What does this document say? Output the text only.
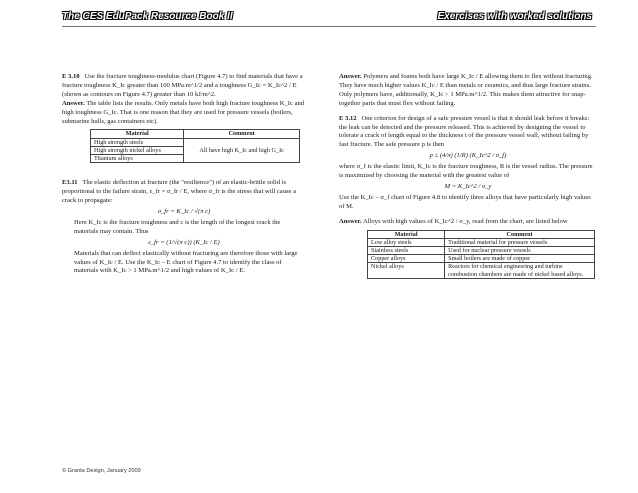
The CES EduPack Resource Book II	Exercises with worked solutions

E 3.10 Use the fracture toughness-modulus chart (Figure 4.7) to find materials that have a fracture toughness K_Ic greater than 100 MPa.m^1/2 and a toughness G_Ic = K_Ic^2 / E (shown as contours on Figure 4.7) greater than 10 kJ/m^2.

Answer. The table lists the results. Only metals have both high fracture toughness K_Ic and high toughness G_Ic. That is one reason that they are used for pressure vessels (boilers, submarine hulls, gas containers etc).

Material	Comment
High strength steels	All have high K_Ic and high G_Ic
High strength nickel alloys	
Titanium alloys	

E3.11 The elastic deflection at fracture (the "resilience") of an elastic-brittle solid is proportional to the failure strain, ε_fr = σ_fr / E, where σ_fr is the stress that will cause a crack to propagate:

σ_fr = K_Ic / √(π c)

Here K_Ic is the fracture toughness and c is the length of the longest crack the materials may contain. Thus

ε_fr = (1/√(π c)) (K_Ic / E)

Materials that can deflect elastically without fracturing are therefore those with large values of K_Ic / E. Use the K_Ic – E chart of Figure 4.7 to identify the class of materials with K_Ic > 1 MPa.m^1/2 and high values of K_Ic / E.

Answer. Polymers and foams both have large K_Ic / E allowing them to flex without fracturing. They have much higher values K_Ic / E than metals or ceramics, and thus large fracture strains. Only polymers have, additionally, K_Ic > 1 MPa.m^1/2. This makes them attractive for snap-together parts that must flex without failing.

E 3.12 One criterion for design of a safe pressure vessel is that it should leak before it breaks: the leak can be detected and the pressure released. This is achieved by designing the vessel to tolerate a crack of length equal to the thickness t of the pressure vessel wall, without failing by fast fracture. The safe pressure p is then

p ≤ (4/π) (1/R) (K_Ic^2 / σ_f)

where σ_f is the elastic limit, K_Ic is the fracture toughness, R is the vessel radius. The pressure is maximized by choosing the material with the greatest value of

M = K_Ic^2 / σ_y

Use the K_Ic – σ_f chart of Figure 4.8 to identify three alloys that have particularly high values of M.

Answer. Alloys with high values of K_Ic^2 / σ_y, read from the chart, are listed below

Material	Comment
Low alloy steels	Traditional material for pressure vessels
Stainless steels	Used for nuclear pressure vessels
Copper alloys	Small boilers are made of copper
Nickel alloys	Reactors for chemical engineering and turbine combustion chambers are made of nickel based alloys.
© Granta Design, January 2009
